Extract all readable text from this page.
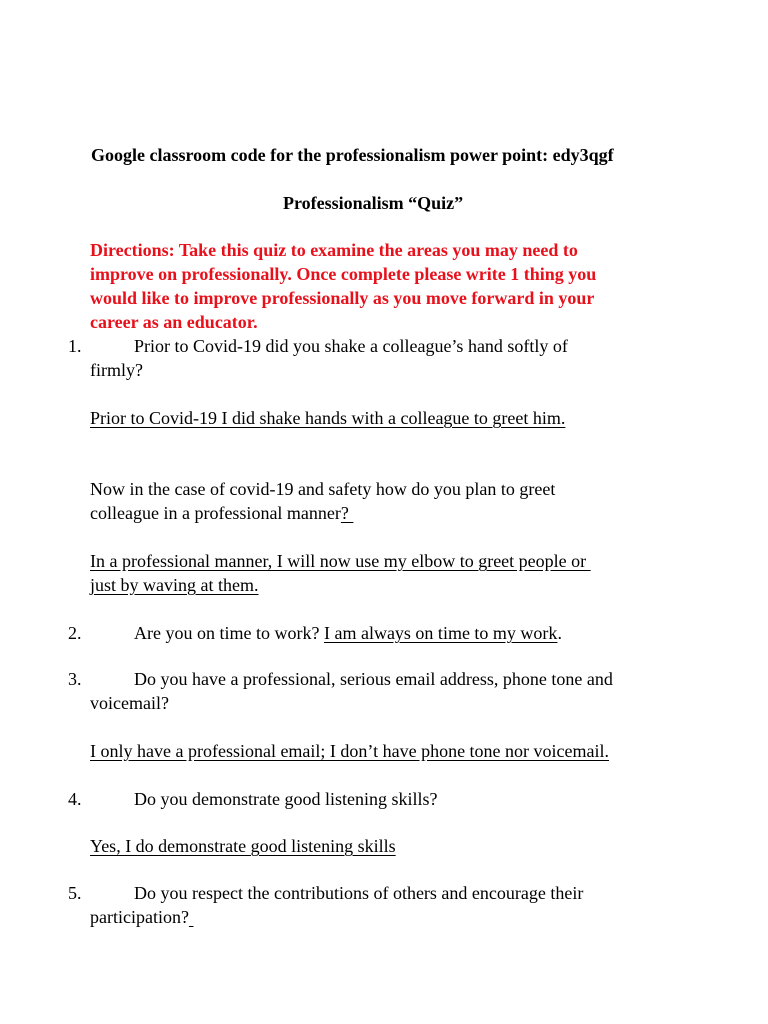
Google classroom code for the professionalism power point: edy3qgf
Professionalism “Quiz”
Directions: Take this quiz to examine the areas you may need to
improve on professionally. Once complete please write 1 thing you
would like to improve professionally as you move forward in your
career as an educator.
1.	Prior to Covid-19 did you shake a colleague’s hand softly of
firmly?
Prior to Covid-19 I did shake hands with a colleague to greet him.
Now in the case of covid-19 and safety how do you plan to greet
colleague in a professional manner?
In a professional manner, I will now use my elbow to greet people or
just by waving at them.
2.	Are you on time to work? I am always on time to my work.
3.	Do you have a professional, serious email address, phone tone and
voicemail?
I only have a professional email; I don’t have phone tone nor voicemail.
4.	Do you demonstrate good listening skills?
Yes, I do demonstrate good listening skills
5.	Do you respect the contributions of others and encourage their
participation?
